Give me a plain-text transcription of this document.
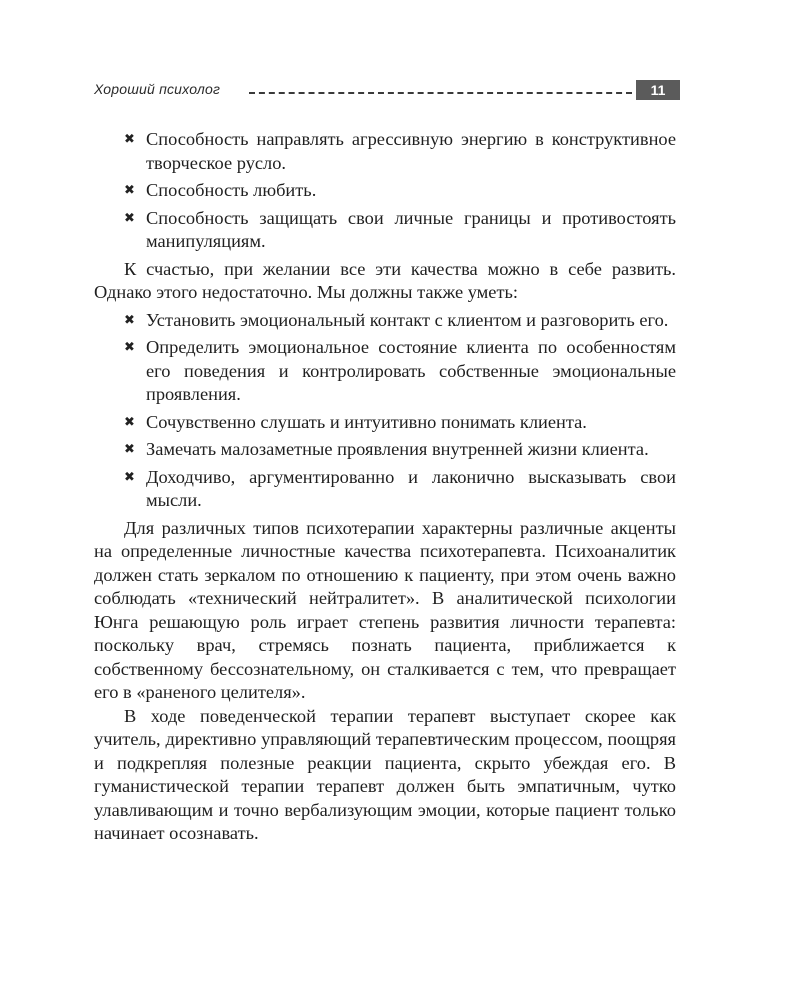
Хороший психолог	11
✖ Способность направлять агрессивную энергию в конструктивное творческое русло.
✖ Способность любить.
✖ Способность защищать свои личные границы и противостоять манипуляциям.

К счастью, при желании все эти качества можно в себе развить. Однако этого недостаточно. Мы должны также уметь:

✖ Установить эмоциональный контакт с клиентом и разговорить его.
✖ Определить эмоциональное состояние клиента по особенностям его поведения и контролировать собственные эмоциональные проявления.
✖ Сочувственно слушать и интуитивно понимать клиента.
✖ Замечать малозаметные проявления внутренней жизни клиента.
✖ Доходчиво, аргументированно и лаконично высказывать свои мысли.

Для различных типов психотерапии характерны различные акценты на определенные личностные качества психотерапевта. Психоаналитик должен стать зеркалом по отношению к пациенту, при этом очень важно соблюдать «технический нейтралитет». В аналитической психологии Юнга решающую роль играет степень развития личности терапевта: поскольку врач, стремясь познать пациента, приближается к собственному бессознательному, он сталкивается с тем, что превращает его в «раненого целителя».

В ходе поведенческой терапии терапевт выступает скорее как учитель, директивно управляющий терапевтическим процессом, поощряя и подкрепляя полезные реакции пациента, скрыто убеждая его. В гуманистической терапии терапевт должен быть эмпатичным, чутко улавливающим и точно вербализующим эмоции, которые пациент только начинает осознавать.
